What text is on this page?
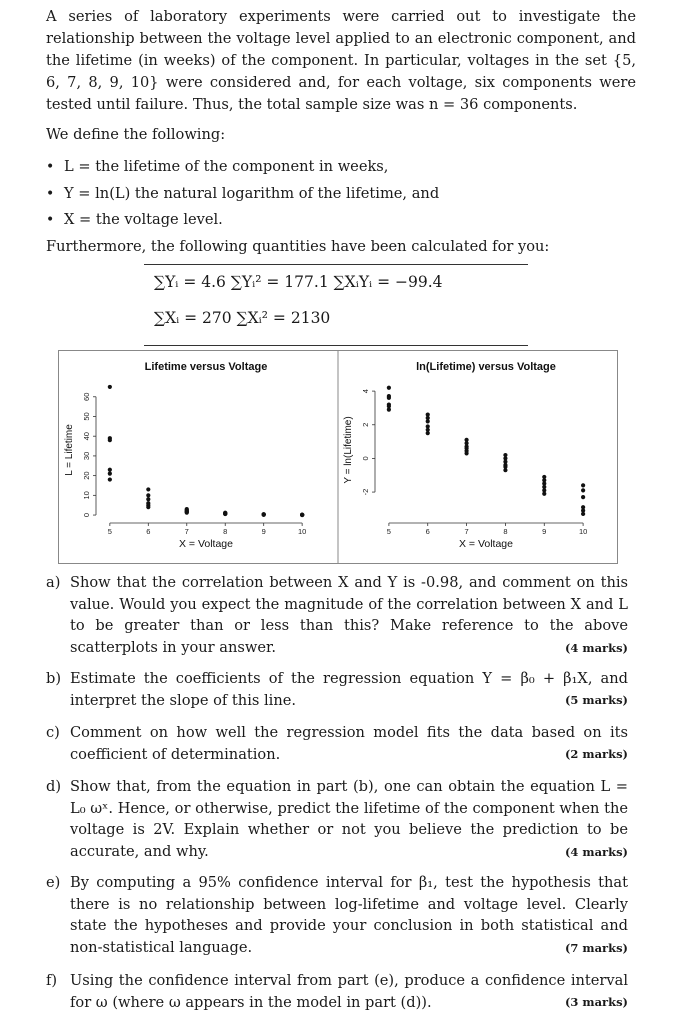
A series of laboratory experiments were carried out to investigate the relationship between the voltage level applied to an electronic component, and the lifetime (in weeks) of the component. In particular, voltages in the set {5, 6, 7, 8, 9, 10} were considered and, for each voltage, six components were tested until failure. Thus, the total sample size was n = 36 components.

We define the following:

• L = the lifetime of the component in weeks,
• Y = ln(L) the natural logarithm of the lifetime, and
• X = the voltage level.

Furthermore, the following quantities have been calculated for you:

∑Yᵢ = 4.6 ∑Yᵢ² = 177.1 ∑XᵢYᵢ = −99.4
∑Xᵢ = 270 ∑Xᵢ² = 2130
Lifetime versus Voltage
5	6	7	8	9	10
X = Voltage
0
10
20
30
40
50
60
L = Lifetime
ln(Lifetime) versus Voltage
5	6	7	8	9	10
X = Voltage
-2
0
2
4
Y = ln(Lifetime)
a) Show that the correlation between X and Y is -0.98, and comment on this value. Would you expect the magnitude of the correlation between X and L to be greater than or less than this? Make reference to the above scatterplots in your answer.	(4 marks)
b) Estimate the coefficients of the regression equation Y = β₀ + β₁X, and interpret the slope of this line.	(5 marks)
c) Comment on how well the regression model fits the data based on its coefficient of determination.	(2 marks)
d) Show that, from the equation in part (b), one can obtain the equation L = L₀ ωˣ. Hence, or otherwise, predict the lifetime of the component when the voltage is 2V. Explain whether or not you believe the prediction to be accurate, and why.	(4 marks)
e) By computing a 95% confidence interval for β₁, test the hypothesis that there is no relationship between log-lifetime and voltage level. Clearly state the hypotheses and provide your conclusion in both statistical and non-statistical language.	(7 marks)
f) Using the confidence interval from part (e), produce a confidence interval for ω (where ω appears in the model in part (d)).	(3 marks)
